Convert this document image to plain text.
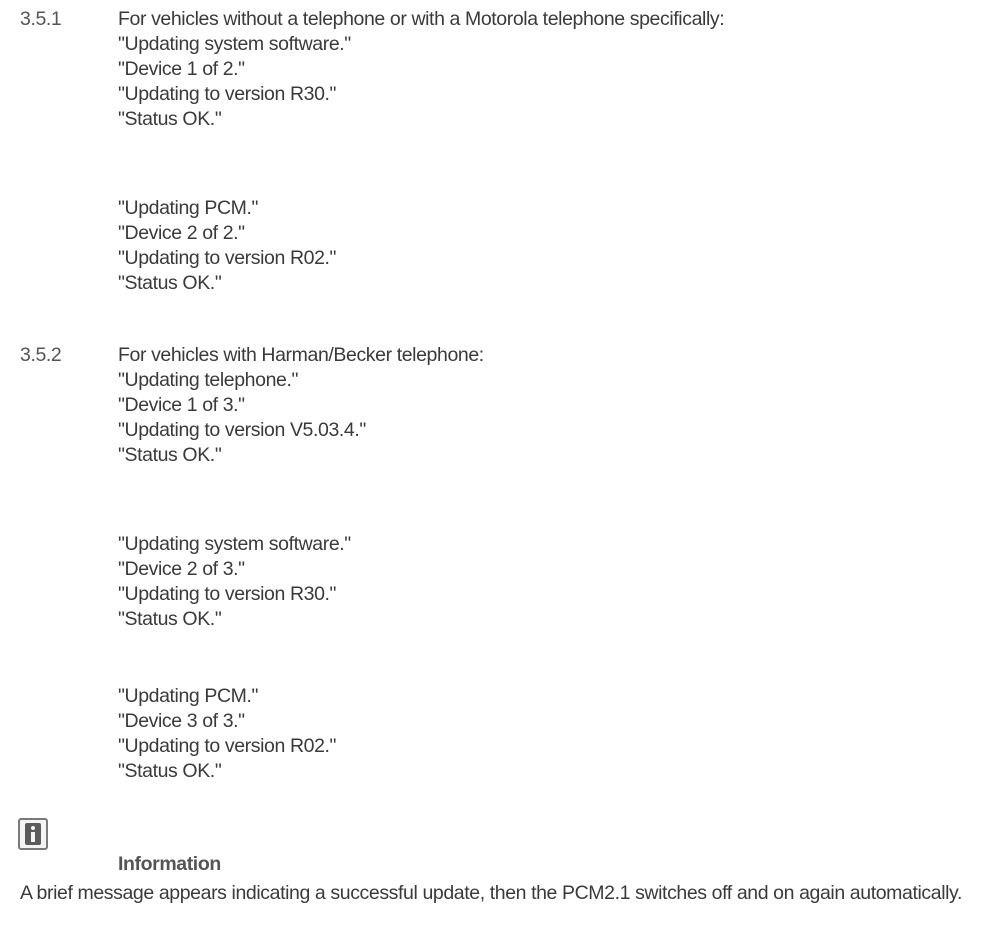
3.5.1	For vehicles without a telephone or with a Motorola telephone specifically:
"Updating system software."
"Device 1 of 2."
"Updating to version R30."
"Status OK."
"Updating PCM."
"Device 2 of 2."
"Updating to version R02."
"Status OK."
3.5.2	For vehicles with Harman/Becker telephone:
"Updating telephone."
"Device 1 of 3."
"Updating to version V5.03.4."
"Status OK."
"Updating system software."
"Device 2 of 3."
"Updating to version R30."
"Status OK."
"Updating PCM."
"Device 3 of 3."
"Updating to version R02."
"Status OK."
Information
A brief message appears indicating a successful update, then the PCM2.1 switches off and on again automatically.
